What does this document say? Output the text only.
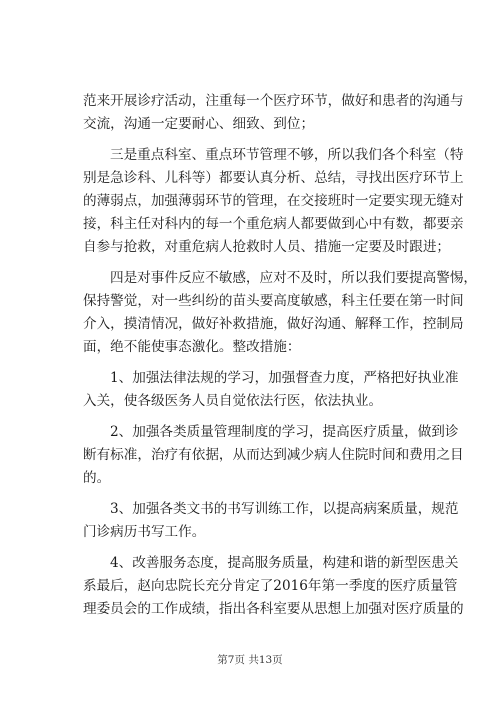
范来开展诊疗活动，注重每一个医疗环节，做好和患者的沟通与
交流，沟通一定要耐心、细致、到位；
三是重点科室、重点环节管理不够，所以我们各个科室（特
别是急诊科、儿科等）都要认真分析、总结，寻找出医疗环节上
的薄弱点，加强薄弱环节的管理，在交接班时一定要实现无缝对
接，科主任对科内的每一个重危病人都要做到心中有数，都要亲
自参与抢救，对重危病人抢救时人员、措施一定要及时跟进；
四是对事件反应不敏感，应对不及时，所以我们要提高警惕，
保持警觉，对一些纠纷的苗头要高度敏感，科主任要在第一时间
介入，摸清情况，做好补救措施，做好沟通、解释工作，控制局
面，绝不能使事态激化。整改措施：
1、加强法律法规的学习，加强督查力度，严格把好执业准
入关，使各级医务人员自觉依法行医，依法执业。
2、加强各类质量管理制度的学习，提高医疗质量，做到诊
断有标准，治疗有依据，从而达到减少病人住院时间和费用之目
的。
3、加强各类文书的书写训练工作，以提高病案质量，规范
门诊病历书写工作。
4、改善服务态度，提高服务质量，构建和谐的新型医患关
系最后，赵向忠院长充分肯定了2016年第一季度的医疗质量管
理委员会的工作成绩，指出各科室要从思想上加强对医疗质量的
第7页 共13页
